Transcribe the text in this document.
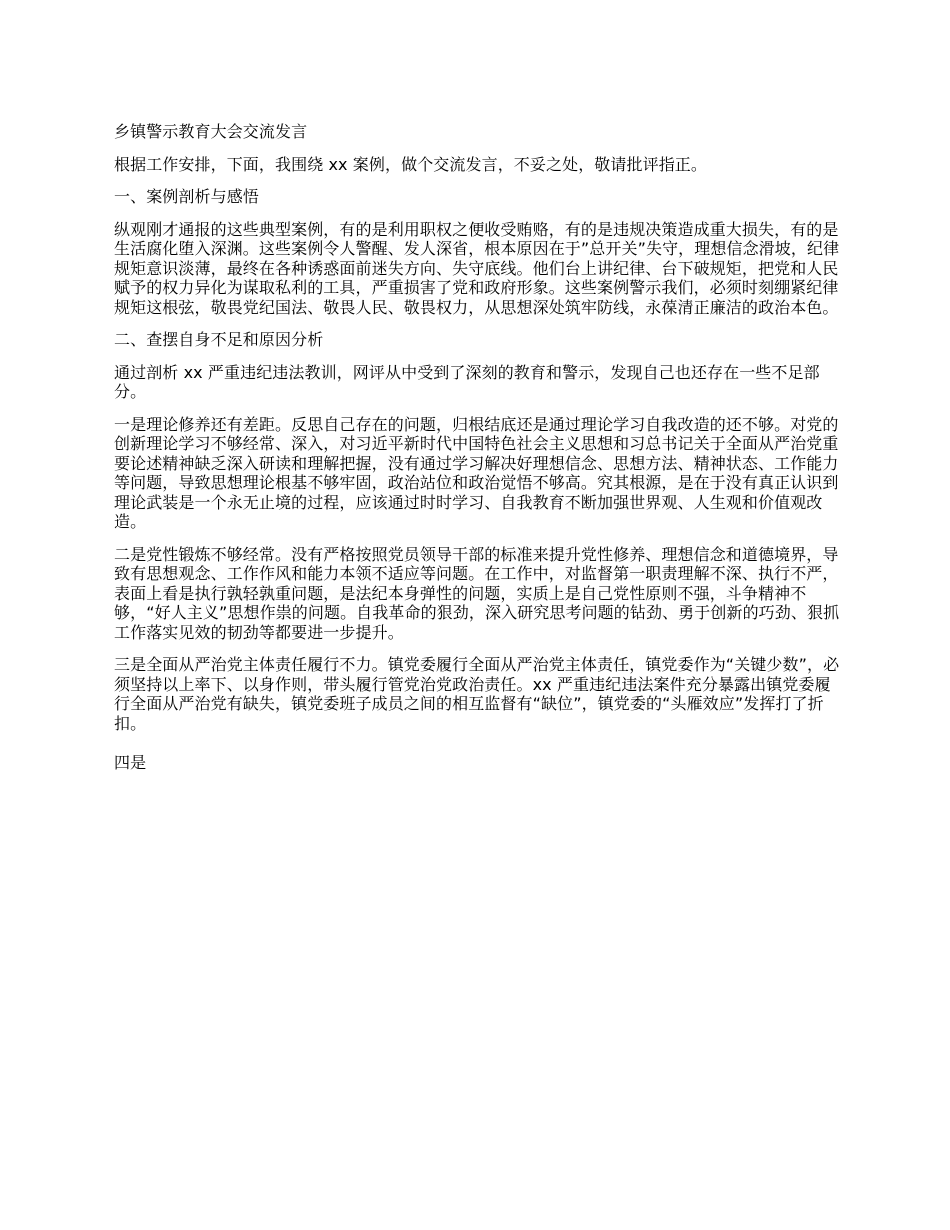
乡镇警示教育大会交流发言

根据工作安排，下面，我围绕 xx 案例，做个交流发言，不妥之处，敬请批评指正。

一、案例剖析与感悟

纵观刚才通报的这些典型案例，有的是利用职权之便收受贿赂，有的是违规决策造成重大损失，有的是生活腐化堕入深渊。这些案例令人警醒、发人深省，根本原因在于”总开关”失守，理想信念滑坡，纪律规矩意识淡薄，最终在各种诱惑面前迷失方向、失守底线。他们台上讲纪律、台下破规矩，把党和人民赋予的权力异化为谋取私利的工具，严重损害了党和政府形象。这些案例警示我们，必须时刻绷紧纪律规矩这根弦，敬畏党纪国法、敬畏人民、敬畏权力，从思想深处筑牢防线，永葆清正廉洁的政治本色。

二、查摆自身不足和原因分析

通过剖析 xx 严重违纪违法教训，网评从中受到了深刻的教育和警示，发现自己也还存在一些不足部分。

一是理论修养还有差距。反思自己存在的问题，归根结底还是通过理论学习自我改造的还不够。对党的创新理论学习不够经常、深入，对习近平新时代中国特色社会主义思想和习总书记关于全面从严治党重要论述精神缺乏深入研读和理解把握，没有通过学习解决好理想信念、思想方法、精神状态、工作能力等问题，导致思想理论根基不够牢固，政治站位和政治觉悟不够高。究其根源，是在于没有真正认识到理论武装是一个永无止境的过程，应该通过时时学习、自我教育不断加强世界观、人生观和价值观改造。

二是党性锻炼不够经常。没有严格按照党员领导干部的标准来提升党性修养、理想信念和道德境界，导致有思想观念、工作作风和能力本领不适应等问题。在工作中，对监督第一职责理解不深、执行不严，表面上看是执行孰轻孰重问题，是法纪本身弹性的问题，实质上是自己党性原则不强，斗争精神不够，“好人主义”思想作祟的问题。自我革命的狠劲，深入研究思考问题的钻劲、勇于创新的巧劲、狠抓工作落实见效的韧劲等都要进一步提升。

三是全面从严治党主体责任履行不力。镇党委履行全面从严治党主体责任，镇党委作为“关键少数”，必须坚持以上率下、以身作则，带头履行管党治党政治责任。xx 严重违纪违法案件充分暴露出镇党委履行全面从严治党有缺失，镇党委班子成员之间的相互监督有“缺位”，镇党委的“头雁效应”发挥打了折扣。

四是
